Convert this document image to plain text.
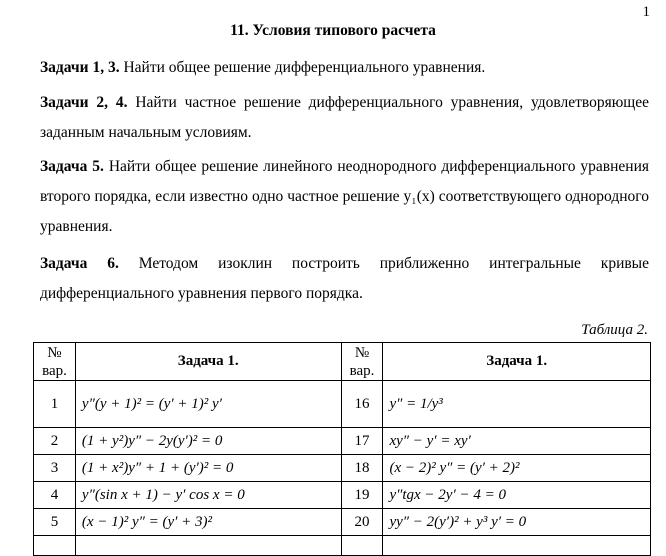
1
11. Условия типового расчета
Задачи 1, 3. Найти общее решение дифференциального уравнения.
Задачи 2, 4. Найти частное решение дифференциального уравнения, удовлетворяющее заданным начальным условиям.
Задача 5. Найти общее решение линейного неоднородного дифференциального уравнения второго порядка, если известно одно частное решение y₁(x) соответствующего однородного уравнения.
Задача 6. Методом изоклин построить приближенно интегральные кривые дифференциального уравнения первого порядка.
Таблица 2.
№ вар.	Задача 1.	№ вар.	Задача 1.
1	y″(y + 1)² = (y′ + 1)² y′	16	y″ = 1/y³
2	(1 + y²)y″ − 2y(y′)² = 0	17	xy″ − y′ = xy′
3	(1 + x²)y″ + 1 + (y′)² = 0	18	(x − 2)² y″ = (y′ + 2)²
4	y″(sin x + 1) − y′ cos x = 0	19	y″tgx − 2y′ − 4 = 0
5	(x − 1)² y″ = (y′ + 3)²	20	yy″ − 2(y′)² + y³ y′ = 0
